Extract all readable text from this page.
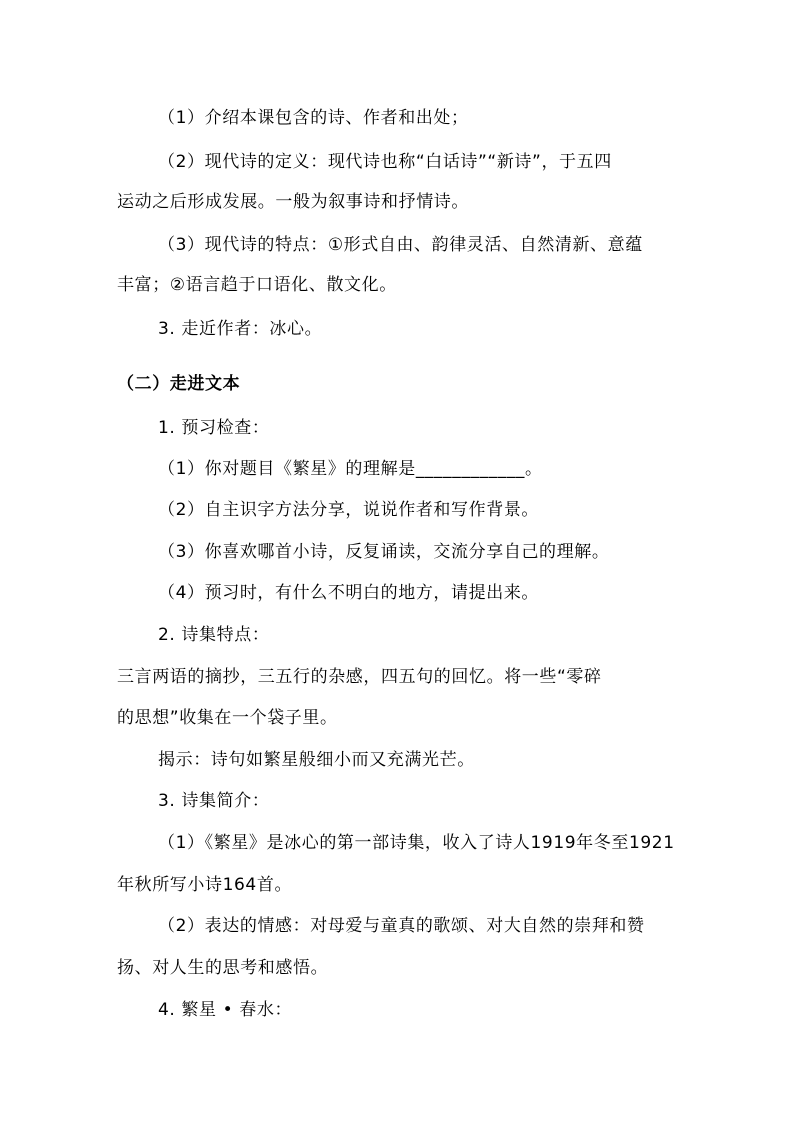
（1）介绍本课包含的诗、作者和出处；
（2）现代诗的定义：现代诗也称“白话诗”“新诗”，于五四
运动之后形成发展。一般为叙事诗和抒情诗。
（3）现代诗的特点：①形式自由、韵律灵活、自然清新、意蕴
丰富；②语言趋于口语化、散文化。
3. 走近作者：冰心。
（二）走进文本
1. 预习检查：
（1）你对题目《繁星》的理解是____________。
（2）自主识字方法分享，说说作者和写作背景。
（3）你喜欢哪首小诗，反复诵读，交流分享自己的理解。
（4）预习时，有什么不明白的地方，请提出来。
2. 诗集特点：
三言两语的摘抄，三五行的杂感，四五句的回忆。将一些“零碎
的思想”收集在一个袋子里。
揭示：诗句如繁星般细小而又充满光芒。
3. 诗集简介：
（1）《繁星》是冰心的第一部诗集，收入了诗人1919年冬至1921
年秋所写小诗164首。
（2）表达的情感：对母爱与童真的歌颂、对大自然的崇拜和赞
扬、对人生的思考和感悟。
4. 繁星 • 春水：
